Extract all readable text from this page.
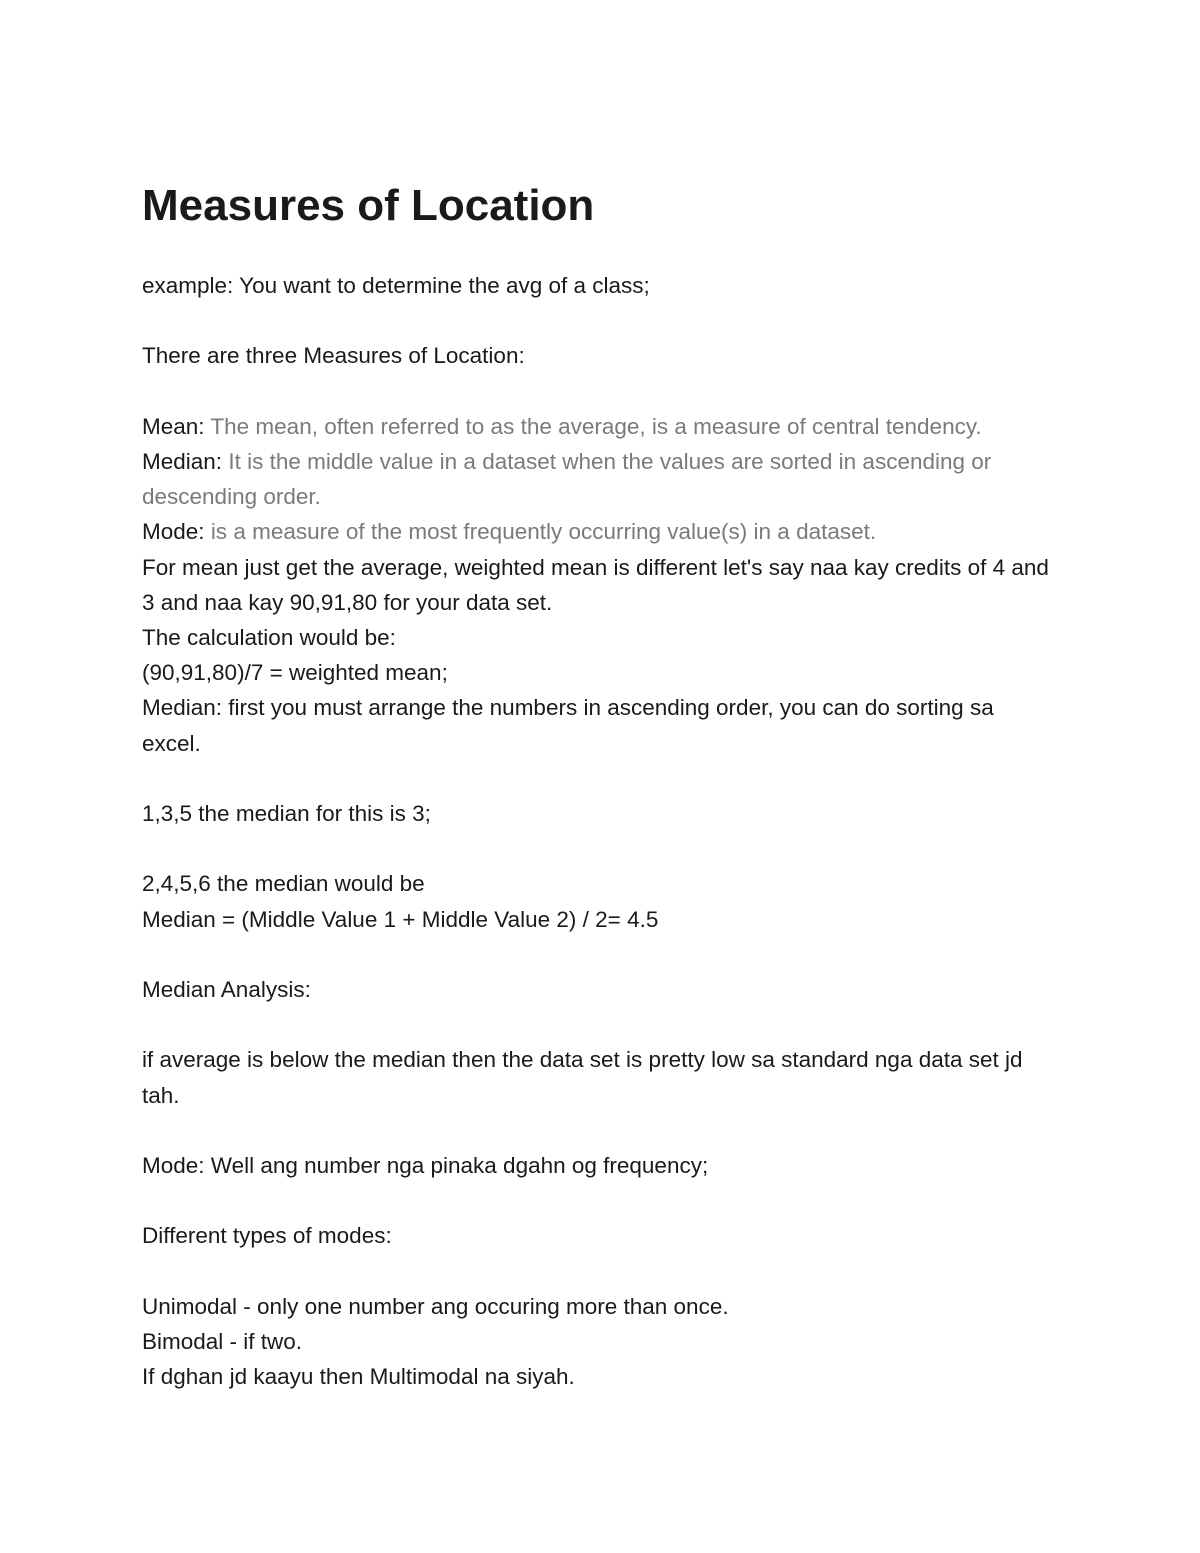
Measures of Location

example: You want to determine the avg of a class;

There are three Measures of Location:

Mean: The mean, often referred to as the average, is a measure of central tendency.

Median: It is the middle value in a dataset when the values are sorted in ascending or descending order.

Mode: is a measure of the most frequently occurring value(s) in a dataset.

For mean just get the average, weighted mean is different let's say naa kay credits of 4 and 3 and naa kay 90,91,80 for your data set.

The calculation would be:

(90,91,80)/7 = weighted mean;

Median: first you must arrange the numbers in ascending order, you can do sorting sa excel.

1,3,5 the median for this is 3;

2,4,5,6 the median would be

Median = (Middle Value 1 + Middle Value 2) / 2= 4.5

Median Analysis:

if average is below the median then the data set is pretty low sa standard nga data set jd tah.

Mode: Well ang number nga pinaka dgahn og frequency;

Different types of modes:

Unimodal - only one number ang occuring more than once.

Bimodal - if two.

If dghan jd kaayu then Multimodal na siyah.
